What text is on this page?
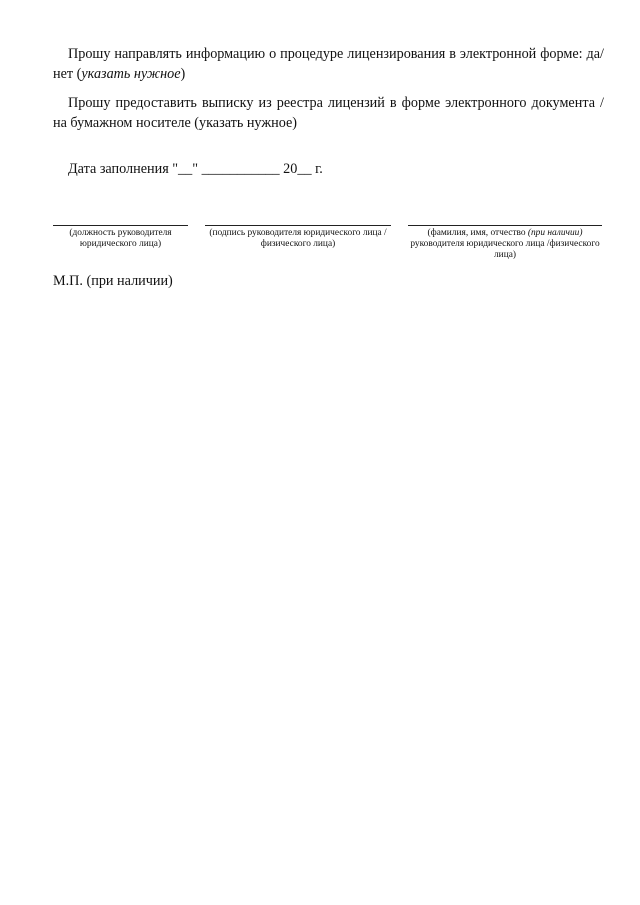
Прошу направлять информацию о процедуре лицензирования в электронной форме: да/нет (указать нужное)

Прошу предоставить выписку из реестра лицензий в форме электронного документа / на бумажном носителе (указать нужное)

Дата заполнения "__" ___________ 20__ г.
(должность руководителя юридического лица)
(подпись руководителя юридического лица /физического лица)
(фамилия, имя, отчество (при наличии) руководителя юридического лица /физического лица)
М.П. (при наличии)
